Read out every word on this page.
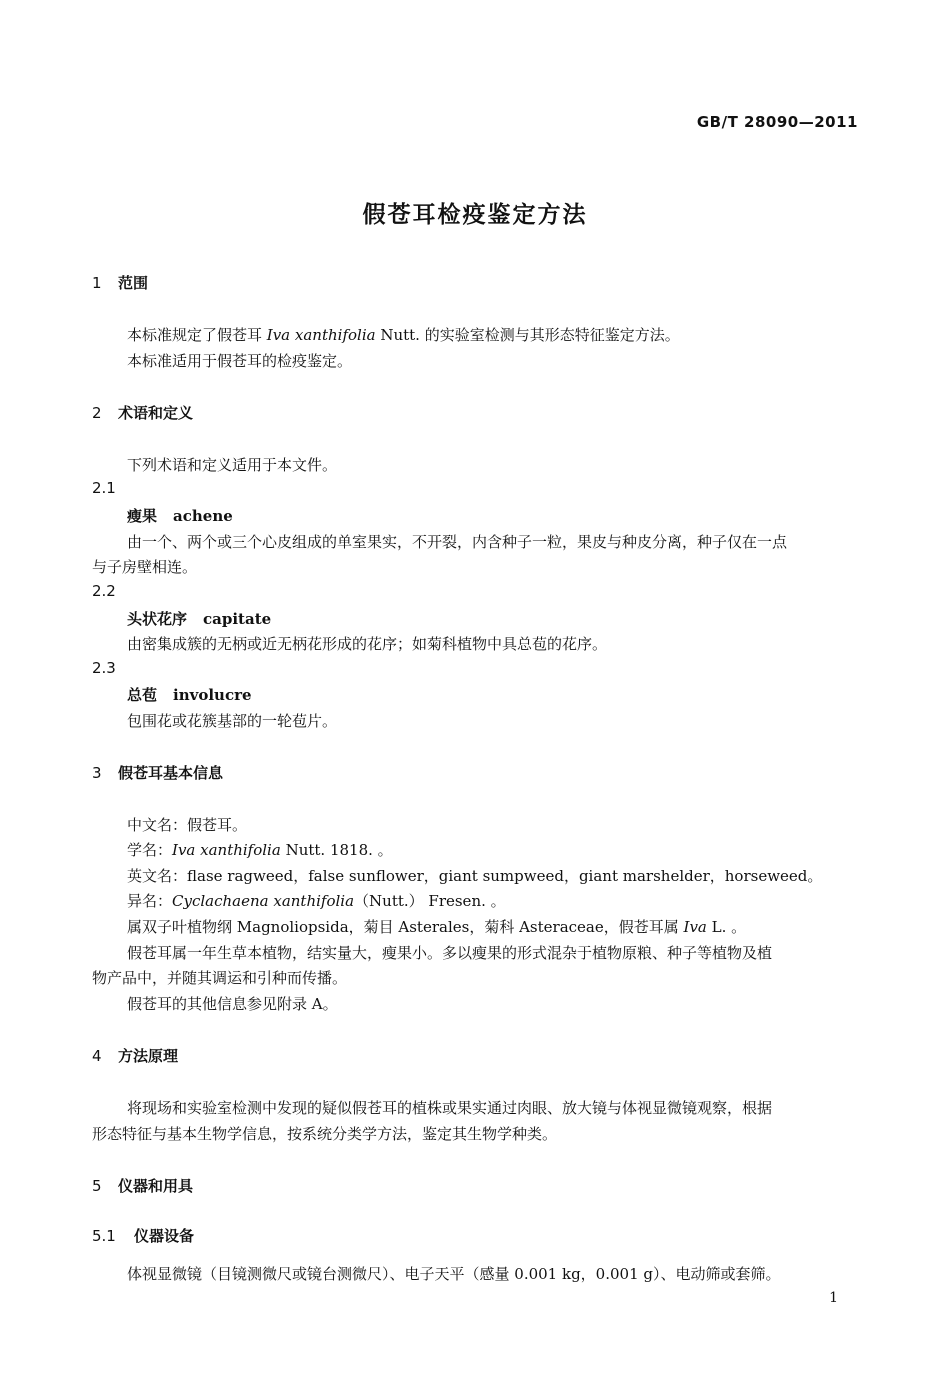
GB/T 28090—2011
假苍耳检疫鉴定方法
1 范围
本标准规定了假苍耳 Iva xanthifolia Nutt. 的实验室检测与其形态特征鉴定方法。
本标准适用于假苍耳的检疫鉴定。
2 术语和定义
下列术语和定义适用于本文件。
2.1
瘦果 achene
由一个、两个或三个心皮组成的单室果实，不开裂，内含种子一粒，果皮与种皮分离，种子仅在一点
与子房壁相连。
2.2
头状花序 capitate
由密集成簇的无柄或近无柄花形成的花序；如菊科植物中具总苞的花序。
2.3
总苞 involucre
包围花或花簇基部的一轮苞片。
3 假苍耳基本信息
中文名：假苍耳。
学名：Iva xanthifolia Nutt. 1818. 。
英文名：flase ragweed，false sunflower，giant sumpweed，giant marshelder，horseweed。
异名：Cyclachaena xanthifolia（Nutt.） Fresen. 。
属双子叶植物纲 Magnoliopsida，菊目 Asterales，菊科 Asteraceae，假苍耳属 Iva L. 。
假苍耳属一年生草本植物，结实量大，瘦果小。多以瘦果的形式混杂于植物原粮、种子等植物及植
物产品中，并随其调运和引种而传播。
假苍耳的其他信息参见附录 A。
4 方法原理
将现场和实验室检测中发现的疑似假苍耳的植株或果实通过肉眼、放大镜与体视显微镜观察，根据
形态特征与基本生物学信息，按系统分类学方法，鉴定其生物学种类。
5 仪器和用具
5.1 仪器设备
体视显微镜（目镜测微尺或镜台测微尺）、电子天平（感量 0.001 kg，0.001 g）、电动筛或套筛。
1
